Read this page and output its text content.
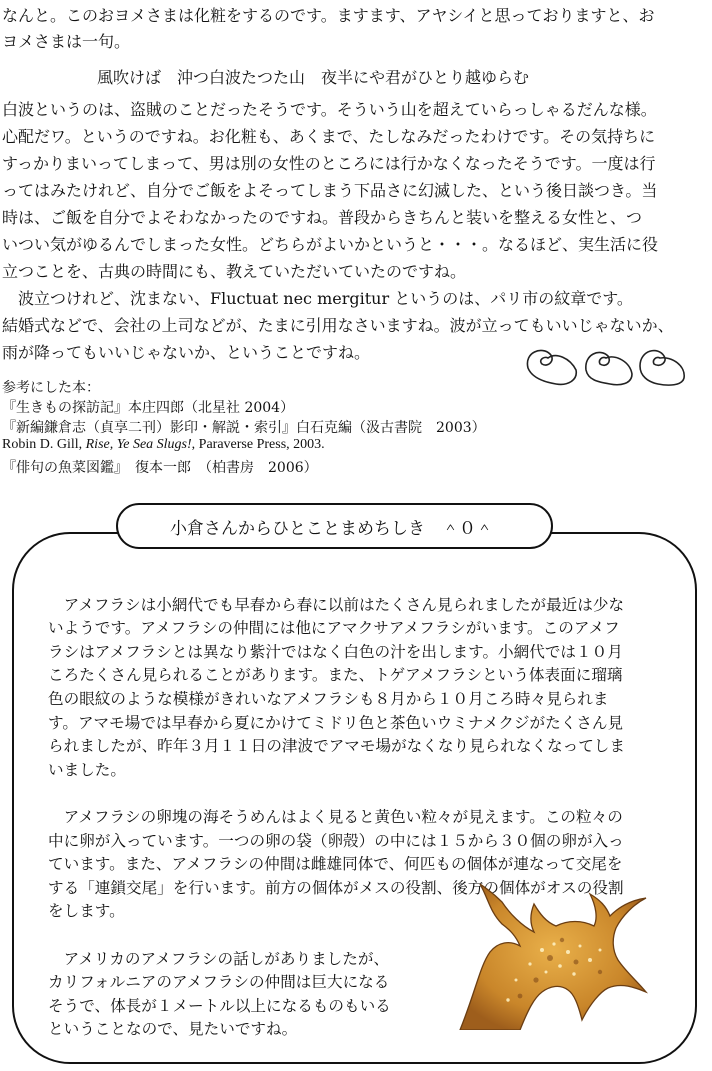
なんと。このおヨメさまは化粧をするのです。ますます、アヤシイと思っておりますと、お

ヨメさまは一句。

風吹けば　沖つ白波たつた山　夜半にや君がひとり越ゆらむ

白波というのは、盗賊のことだったそうです。そういう山を超えていらっしゃるだんな様。

心配だワ。というのですね。お化粧も、あくまで、たしなみだったわけです。その気持ちに

すっかりまいってしまって、男は別の女性のところには行かなくなったそうです。一度は行

ってはみたけれど、自分でご飯をよそってしまう下品さに幻滅した、という後日談つき。当

時は、ご飯を自分でよそわなかったのですね。普段からきちんと装いを整える女性と、つ

いつい気がゆるんでしまった女性。どちらがよいかというと・・・。なるほど、実生活に役

立つことを、古典の時間にも、教えていただいていたのですね。

　波立つけれど、沈まない、Fluctuat nec mergitur というのは、パリ市の紋章です。

結婚式などで、会社の上司などが、たまに引用なさいますね。波が立ってもいいじゃないか、

雨が降ってもいいじゃないか、ということですね。

参考にした本：
『生きもの探訪記』本庄四郎（北星社 2004）
『新編鎌倉志（貞享二刊）影印・解説・索引』白石克編（汲古書院　2003）
Robin D. Gill, Rise, Ye Sea Slugs!, Paraverse Press, 2003.
『俳句の魚菜図鑑』　復本一郎　（柏書房　2006）
小倉さんからひとことまめちしき　＾０＾

　アメフラシは小網代でも早春から春に以前はたくさん見られましたが最近は少な

いようです。アメフラシの仲間には他にアマクサアメフラシがいます。このアメフ

ラシはアメフラシとは異なり紫汁ではなく白色の汁を出します。小網代では１０月

ころたくさん見られることがあります。また、トゲアメフラシという体表面に瑠璃

色の眼紋のような模様がきれいなアメフラシも８月から１０月ころ時々見られま

す。アマモ場では早春から夏にかけてミドリ色と茶色いウミナメクジがたくさん見

られましたが、昨年３月１１日の津波でアマモ場がなくなり見られなくなってしま

いました。

　アメフラシの卵塊の海そうめんはよく見ると黄色い粒々が見えます。この粒々の

中に卵が入っています。一つの卵の袋（卵殻）の中には１５から３０個の卵が入っ

ています。また、アメフラシの仲間は雌雄同体で、何匹もの個体が連なって交尾を

する「連鎖交尾」を行います。前方の個体がメスの役割、後方の個体がオスの役割

をします。

　アメリカのアメフラシの話しがありましたが、

カリフォルニアのアメフラシの仲間は巨大になる

そうで、体長が１メートル以上になるものもいる

ということなので、見たいですね。
